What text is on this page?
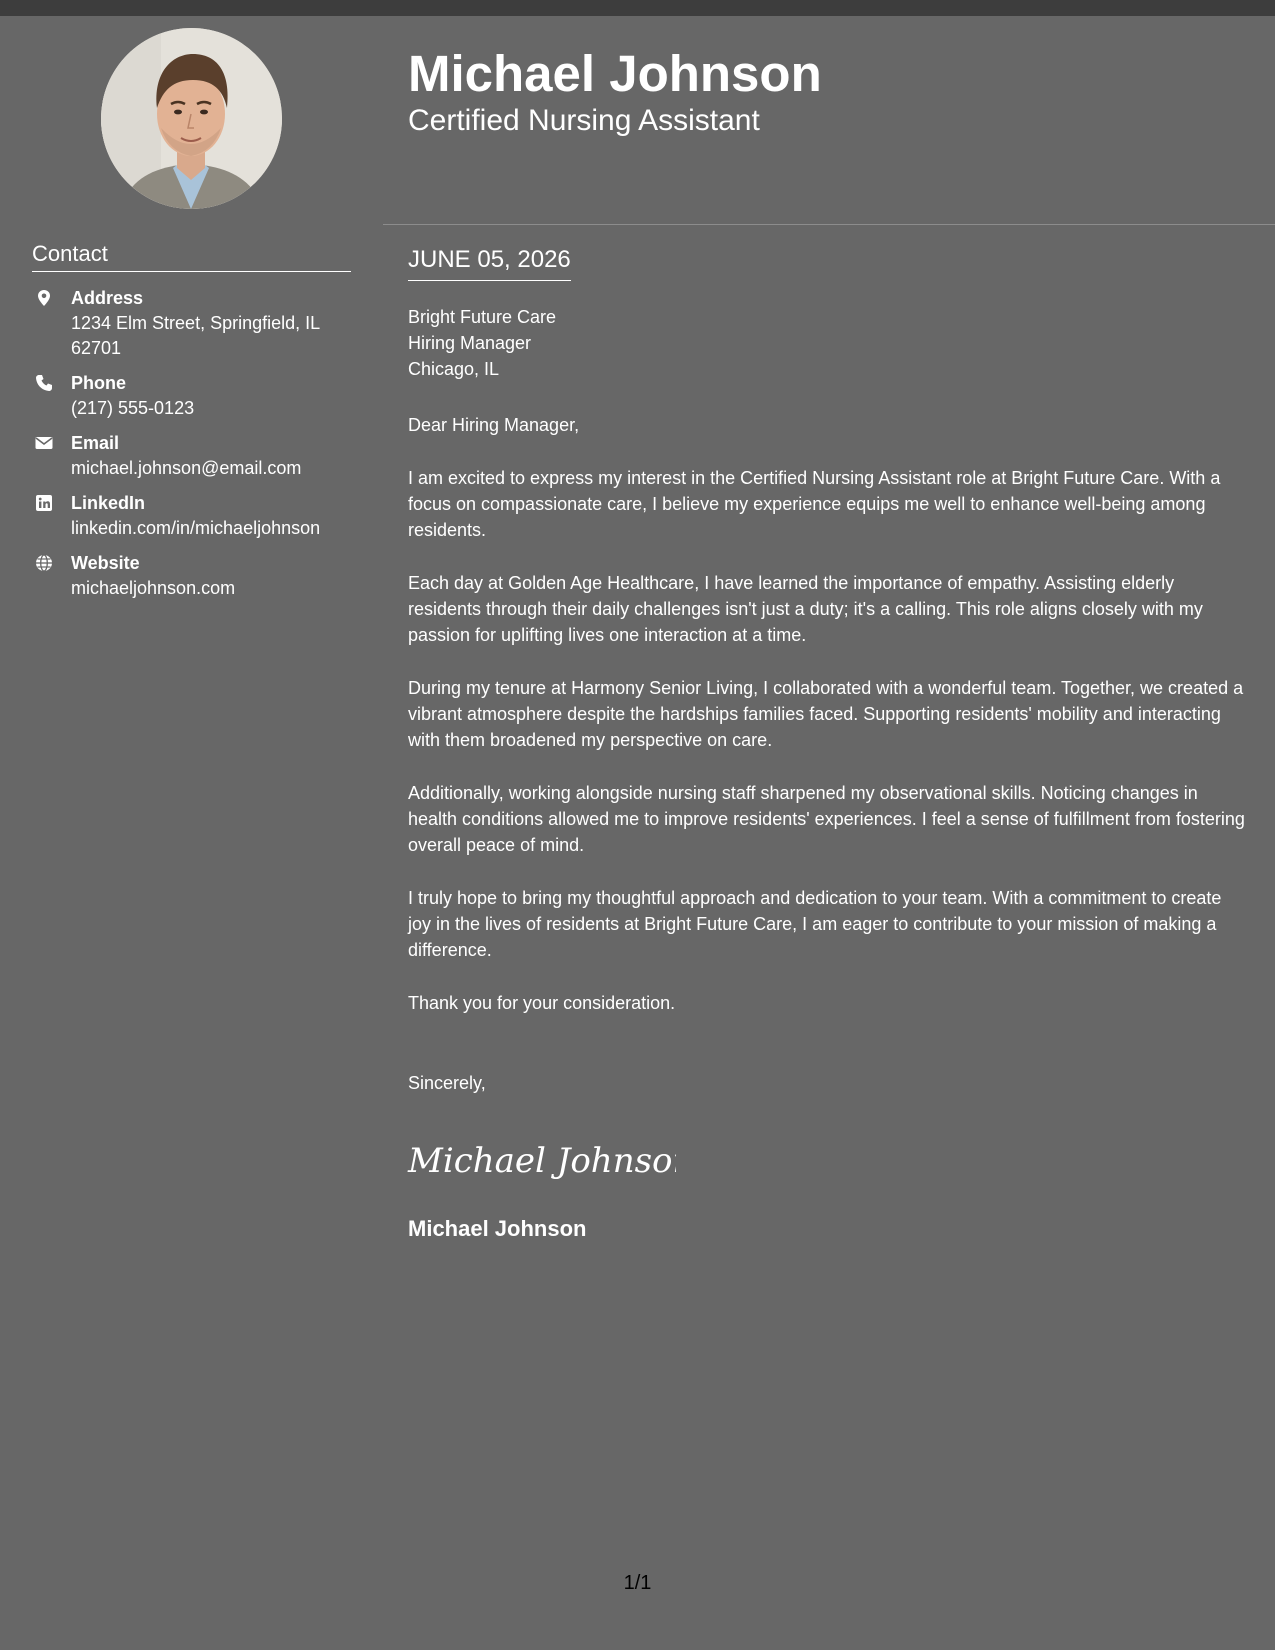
Contact
Address
1234 Elm Street, Springfield, IL 62701
Phone
(217) 555-0123
Email
michael.johnson@email.com
LinkedIn
linkedin.com/in/michaeljohnson
Website
michaeljohnson.com
Michael Johnson
Certified Nursing Assistant
JUNE 05, 2026
Bright Future Care
Hiring Manager
Chicago, IL

Dear Hiring Manager,

I am excited to express my interest in the Certified Nursing Assistant role at Bright Future Care. With a focus on compassionate care, I believe my experience equips me well to enhance well-being among residents.

Each day at Golden Age Healthcare, I have learned the importance of empathy. Assisting elderly residents through their daily challenges isn't just a duty; it's a calling. This role aligns closely with my passion for uplifting lives one interaction at a time.

During my tenure at Harmony Senior Living, I collaborated with a wonderful team. Together, we created a vibrant atmosphere despite the hardships families faced. Supporting residents' mobility and interacting with them broadened my perspective on care.

Additionally, working alongside nursing staff sharpened my observational skills. Noticing changes in health conditions allowed me to improve residents' experiences. I feel a sense of fulfillment from fostering overall peace of mind.

I truly hope to bring my thoughtful approach and dedication to your team. With a commitment to create joy in the lives of residents at Bright Future Care, I am eager to contribute to your mission of making a difference.

Thank you for your consideration.

Sincerely,
Michael Johnson
Michael Johnson
1/1
